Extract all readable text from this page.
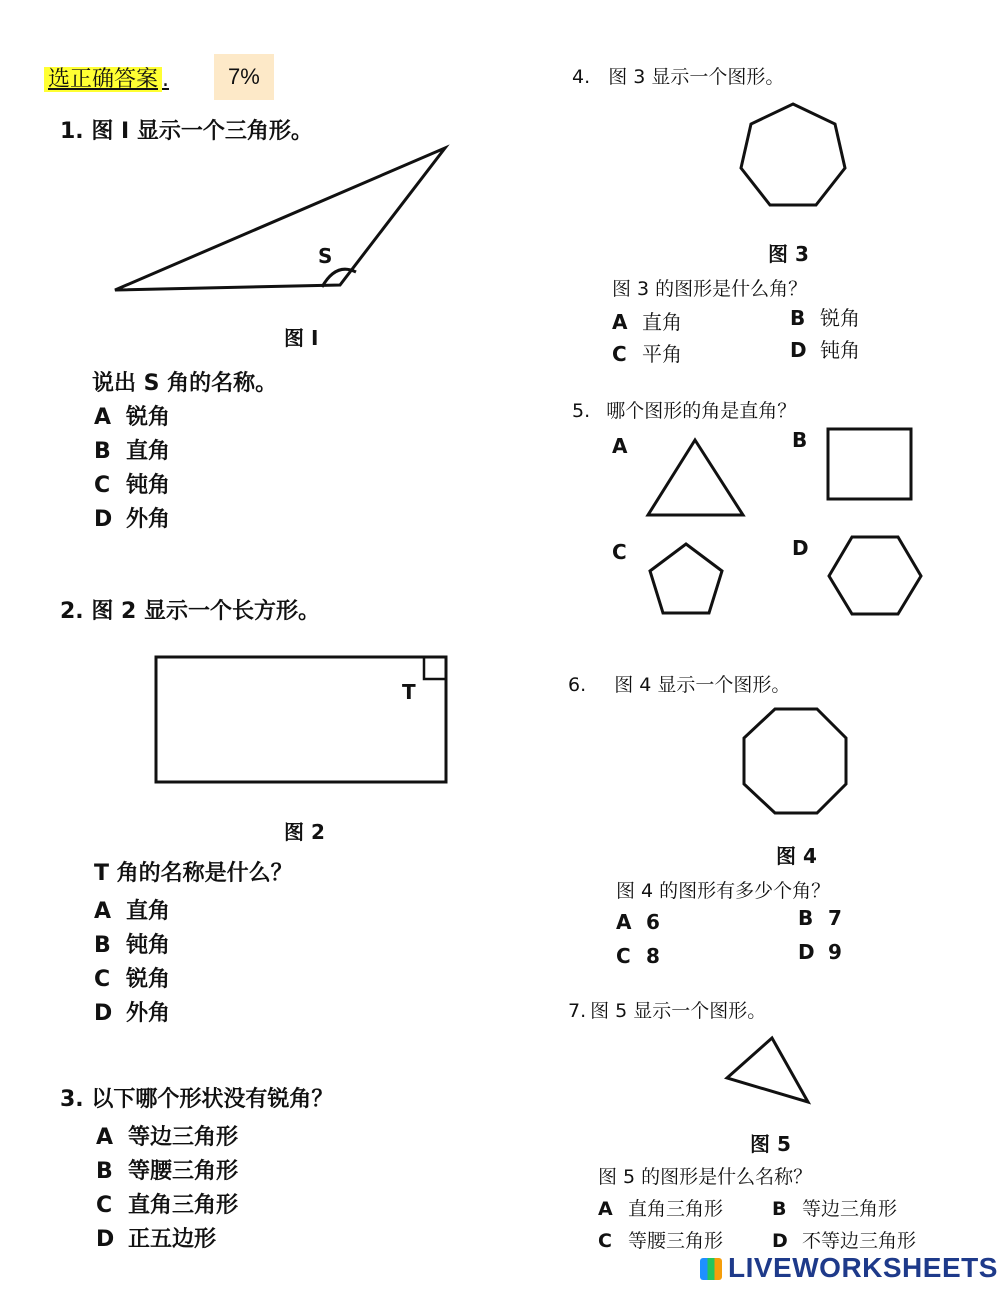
选正确答案 .	7%
1. 图 I 显示一个三角形。
S
图 I
说出 S 角的名称。
A 锐角
B 直角
C 钝角
D 外角
2. 图 2 显示一个长方形。
T
图 2
T 角的名称是什么？
A 直角
B 钝角
C 锐角
D 外角
3. 以下哪个形状没有锐角？
A 等边三角形
B 等腰三角形
C 直角三角形
D 正五边形
4. 图 3 显示一个图形。
图 3
图 3 的图形是什么角？
A 直角	B 锐角
C 平角	D 钝角
5. 哪个图形的角是直角？
A	B
C	D
6. 图 4 显示一个图形。
图 4
图 4 的图形有多少个角？
A 6	B 7
C 8	D 9
7. 图 5 显示一个图形。
图 5
图 5 的图形是什么名称？
A 直角三角形	B 等边三角形
C 等腰三角形	D 不等边三角形
LIVEWORKSHEETS
